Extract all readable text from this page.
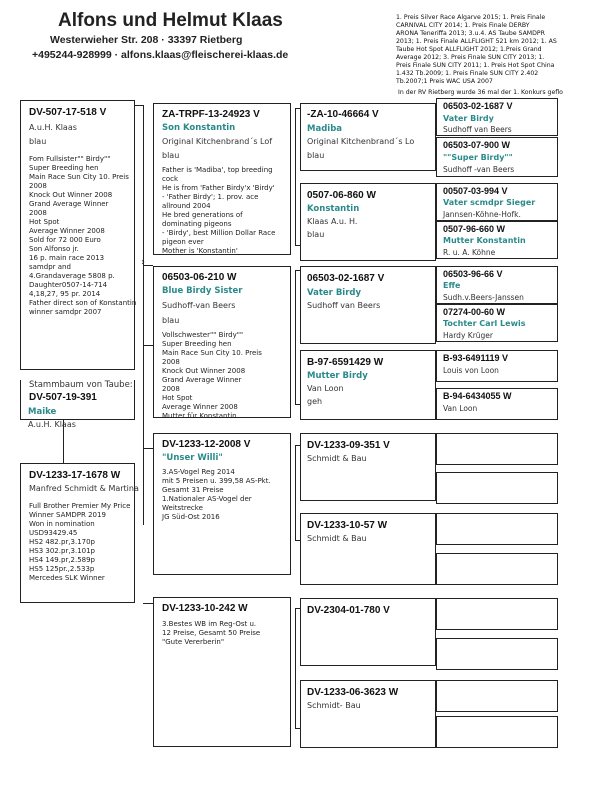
Alfons und Helmut Klaas
Westerwieher Str. 208 · 33397 Rietberg
+495244-928999 · alfons.klaas@fleischerei-klaas.de
1. Preis Silver Race Algarve 2015; 1. Preis Finale
CARNIVAL CITY 2014; 1. Preis Finale DERBY
ARONA Teneriffa 2013; 3.u.4. AS Taube SAMDPR
2013; 1. Preis Finale ALLFLIGHT 521 km 2012; 1. AS
Taube Hot Spot ALLFLIGHT 2012; 1.Preis Grand
Average 2012; 3. Preis Finale SUN CITY 2013; 1.
Preis Finale SUN CITY 2011; 1. Preis Hot Spot China
1.432 Tb.2009; 1. Preis Finale SUN CITY 2.402
Tb.2007;1 Preis WAC USA 2007
In der RV Rietberg wurde 36 mal der 1. Konkurs geflo
›
DV-507-17-518 V
A.u.H. Klaas
blau
Fom Fullsister"" Birdy""
Super Breeding hen
Main Race Sun City 10. Preis
2008
Knock Out Winner 2008
Grand Average Winner
2008
Hot Spot
Average Winner 2008
Sold for 72 000 Euro
Son Alfonso jr.
16 p. main race 2013
samdpr and
4.Grandaverage 5808 p.
Daughter0507-14-714
4,18,27, 95 pr. 2014
Father direct son of Konstantin
winner samdpr 2007
Stammbaum von Taube:
DV-507-19-391
Maike
A.u.H. Klaas
DV-1233-17-1678 W
Manfred Schmidt & Martina
Full Brother Premier My Price
Winner SAMDPR 2019
Won in nomination
USD93429.45
HS2 482.pr,3.170p
HS3 302.pr,3.101p
HS4 149.pr,2.589p
HS5 125pr.,2.533p
Mercedes SLK Winner
ZA-TRPF-13-24923 V
Son Konstantin
Original Kitchenbrand´s Lof
blau
Father is 'Madiba', top breeding
cock
He is from 'Father Birdy'x 'Birdy'
- 'Father Birdy'; 1. prov. ace
allround 2004
He bred generations of
dominating pigeons
- 'Birdy', best Million Dollar Race
pigeon ever
Mother is 'Konstantin'
06503-06-210 W
Blue Birdy Sister
Sudhoff-van Beers
blau
Vollschwester"" Birdy""
Super Breeding hen
Main Race Sun City 10. Preis
2008
Knock Out Winner 2008
Grand Average Winner
2008
Hot Spot
Average Winner 2008
Mutter für Konstantin
DV-1233-12-2008 V
"Unser Willi"
3.AS-Vogel Reg 2014
mit 5 Preisen u. 399,58 AS-Pkt.
Gesamt 31 Preise
1.Nationaler AS-Vogel der
Weitstrecke
JG Süd-Ost 2016
DV-1233-10-242 W
3.Bestes WB im Reg-Ost u.
12 Preise, Gesamt 50 Preise
"Gute Vererberin"
-ZA-10-46664 V
Madiba
Original Kitchenbrand´s Lo
blau
0507-06-860 W
Konstantin
Klaas A.u. H.
blau
06503-02-1687 V
Vater Birdy
Sudhoff van Beers
B-97-6591429 W
Mutter Birdy
Van Loon
geh
DV-1233-09-351 V
Schmidt & Bau
DV-1233-10-57 W
Schmidt & Bau
DV-2304-01-780 V
DV-1233-06-3623 W
Schmidt- Bau
06503-02-1687 V
Vater Birdy
Sudhoff van Beers
06503-07-900 W
""Super Birdy""
Sudhoff -van Beers
00507-03-994 V
Vater scmdpr Sieger
Jannsen-Köhne-Hofk.
0507-96-660 W
Mutter Konstantin
R. u. A. Köhne
06503-96-66 V
Effe
Sudh.v.Beers-Janssen
07274-00-60 W
Tochter Carl Lewis
Hardy Krüger
B-93-6491119 V
Louis von Loon
B-94-6434055 W
Van Loon
